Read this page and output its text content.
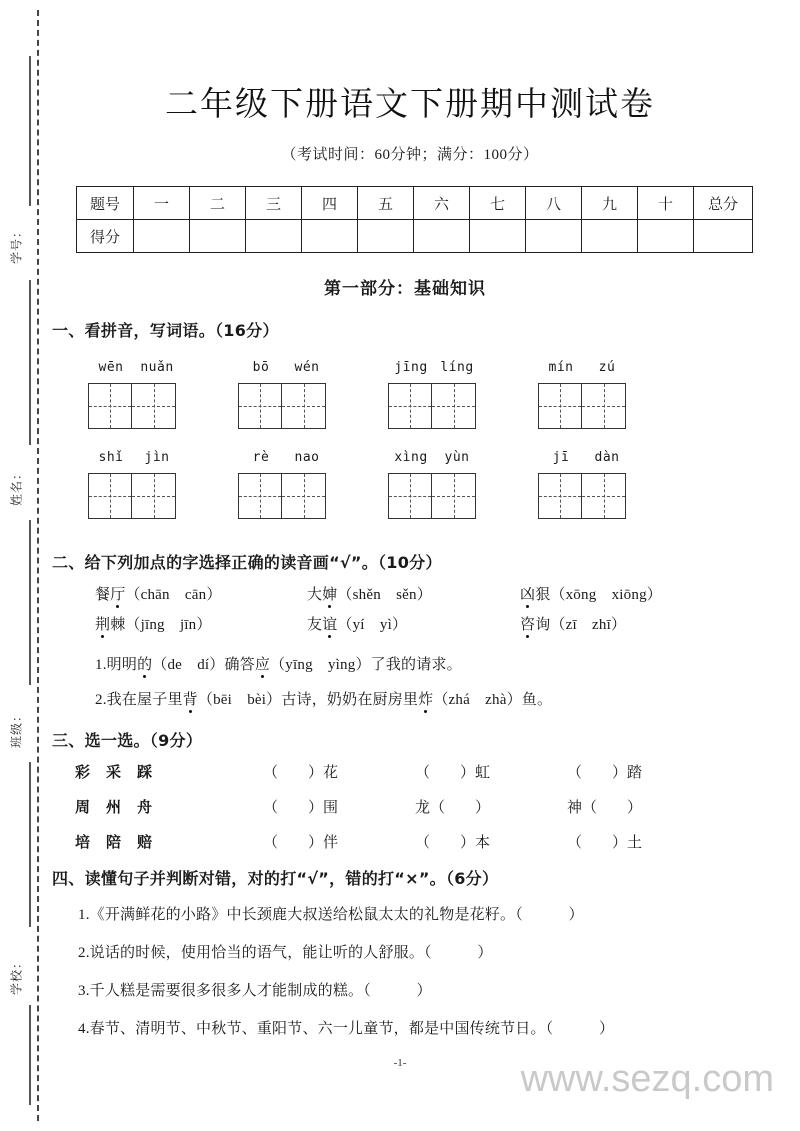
学号：
姓名：
班级：
学校：
二年级下册语文下册期中测试卷
（考试时间：60分钟；满分：100分）
题号	一	二	三	四	五	六	七	八	九	十	总分
得分											
第一部分：基础知识
一、看拼音，写词语。（16分）
wēn	nuǎn	bō	wén	jīng líng	mín	zú
shǐ	jìn	rè	nao	xìng	yùn	jī	dàn
二、给下列加点的字选择正确的读音画“√”。（10分）
餐厅（chān　cān）	大婶（shěn　sěn）	凶狠（xōng　xiōng）
荆棘（jīng　jīn）	友谊（yí　yì）	咨询（zī　zhī）
1.明明的（de　dí）确答应（yīng　yìng）了我的请求。
2.我在屋子里背（bēi　bèi）古诗，奶奶在厨房里炸（zhá　zhà）鱼。
三、选一选。（9分）
彩采踩	（　　）花	（　　）虹	（　　）踏
周州舟	（　　）围	龙（　　）	神（　　）
培陪赔	（　　）伴	（　　）本	（　　）土
四、读懂句子并判断对错，对的打“√”，错的打“×”。（6分）
1.《开满鲜花的小路》中长颈鹿大叔送给松鼠太太的礼物是花籽。（　　　）
2.说话的时候，使用恰当的语气，能让听的人舒服。（　　　）
3.千人糕是需要很多很多人才能制成的糕。（　　　）
4.春节、清明节、中秋节、重阳节、六一儿童节，都是中国传统节日。（　　　）
-1-	www.sezq.com
